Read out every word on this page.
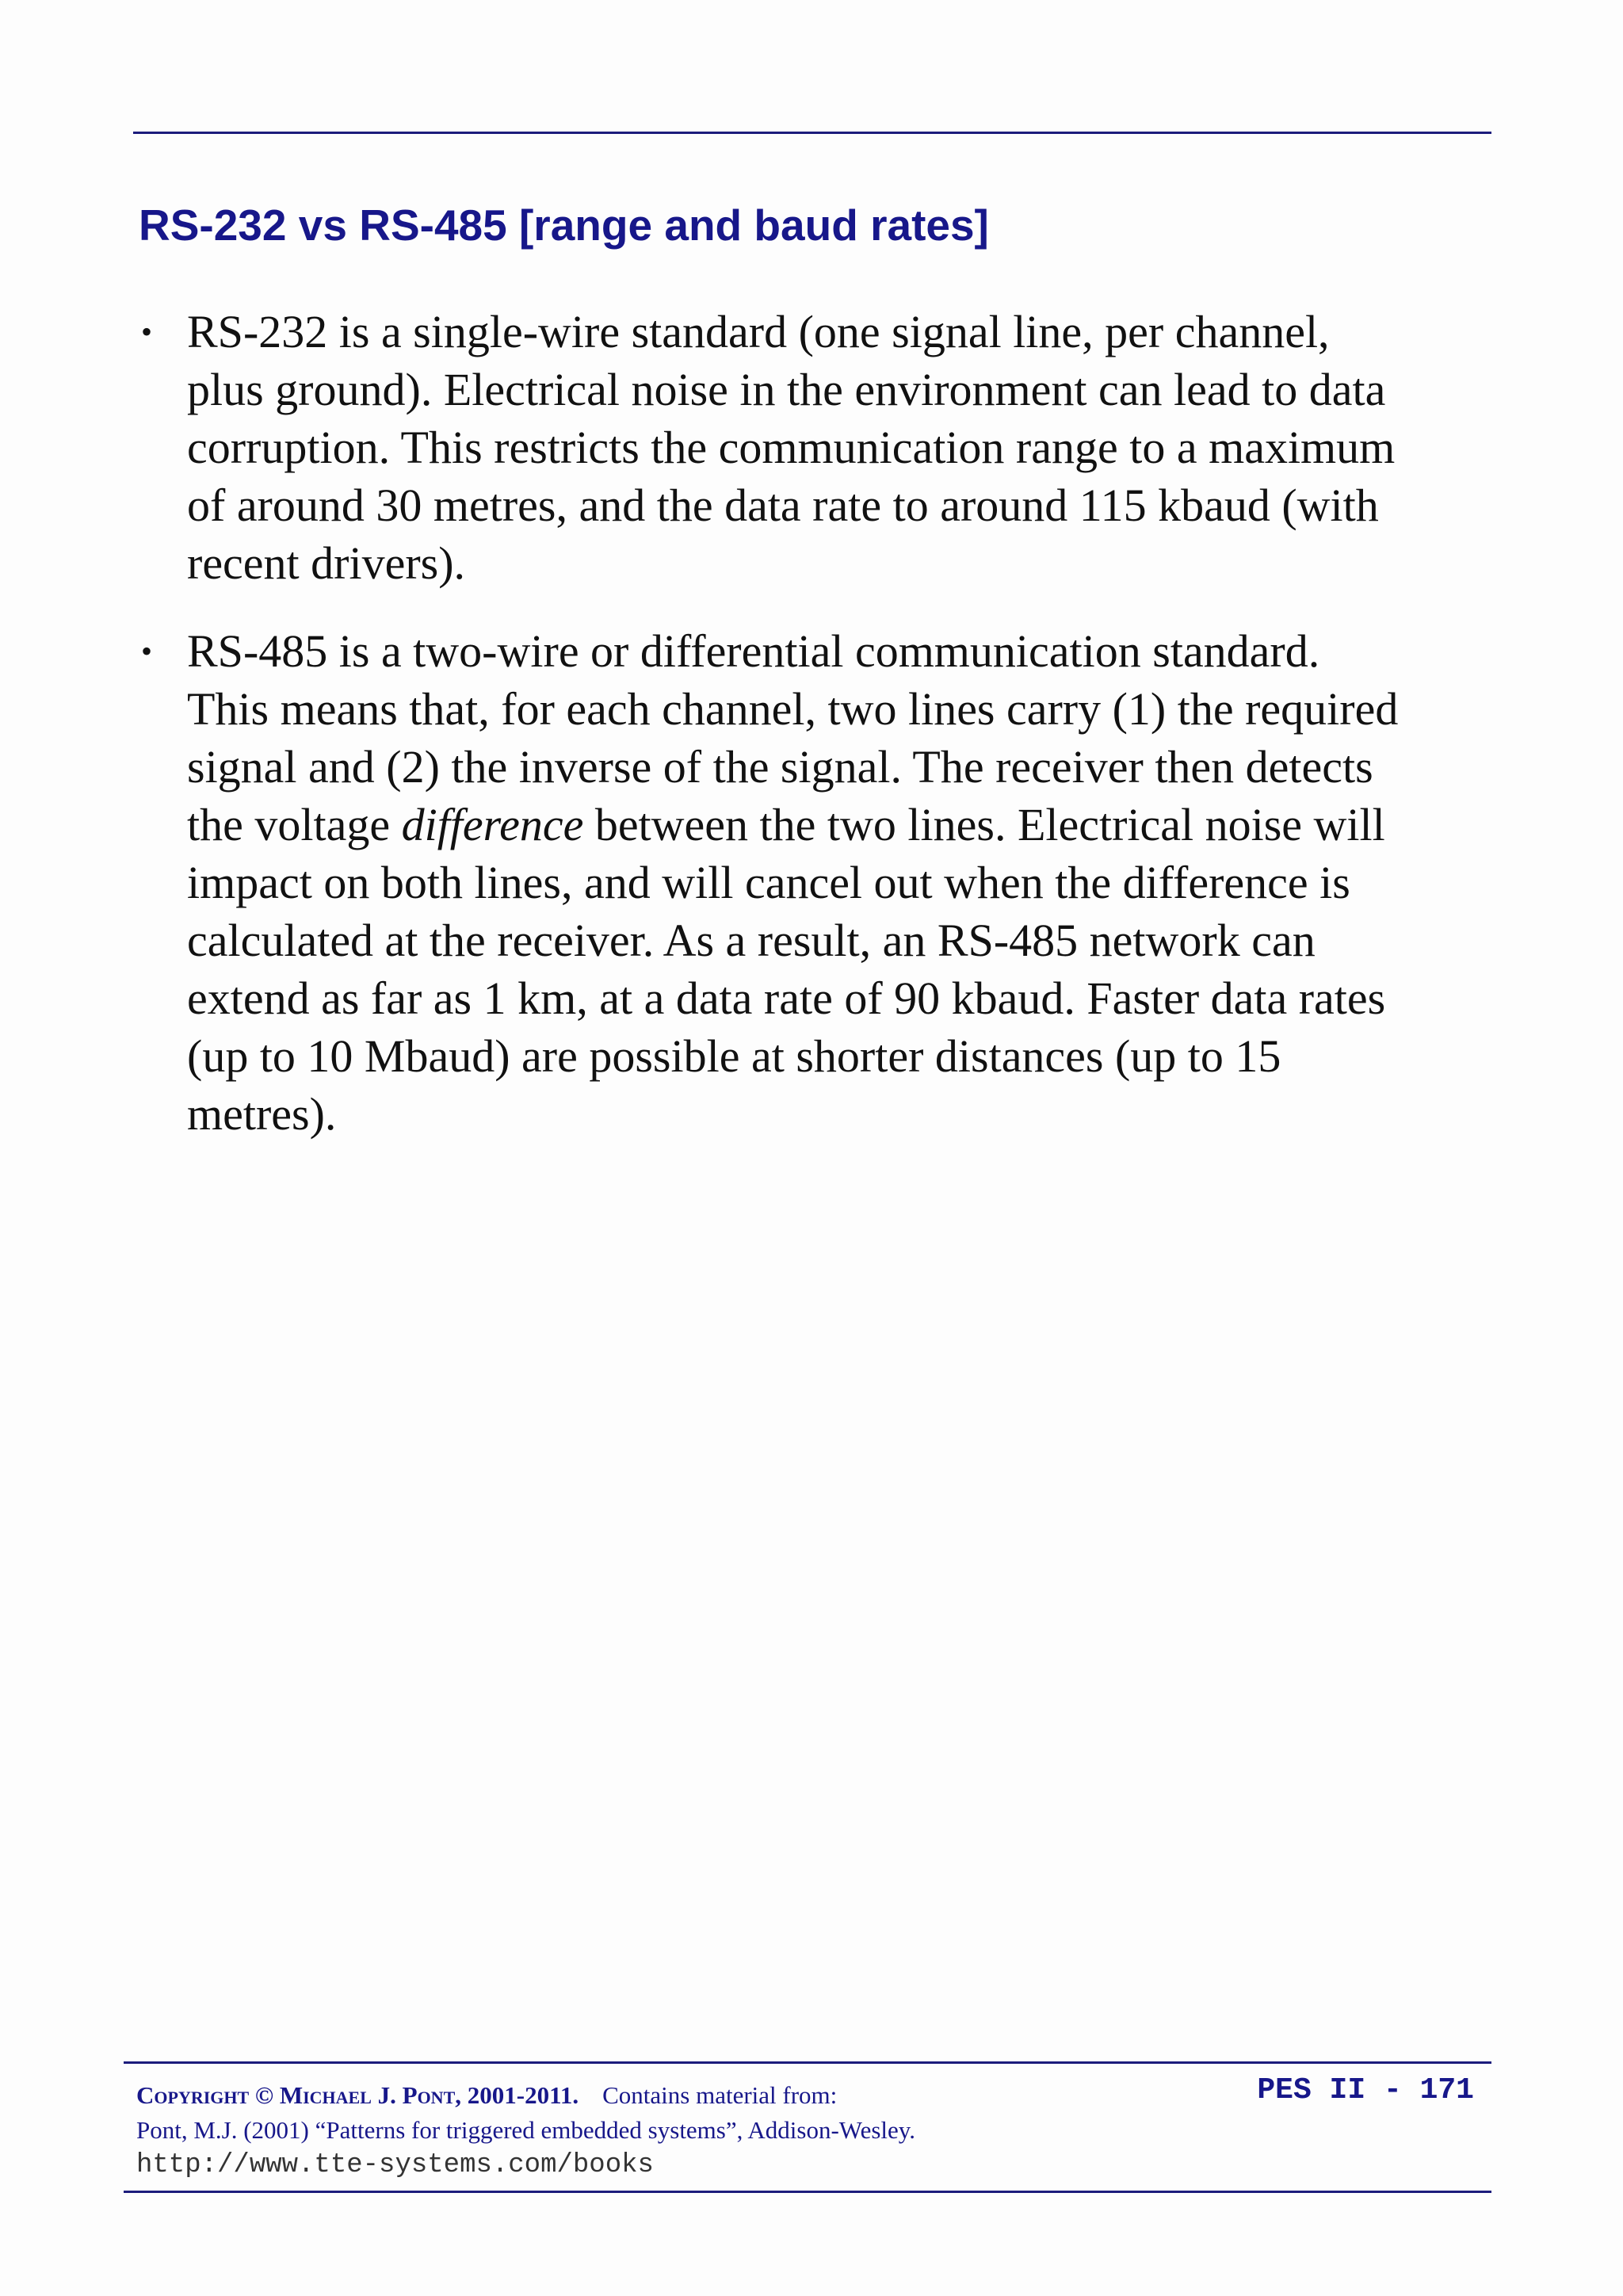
RS-232 vs RS-485 [range and baud rates]
• RS-232 is a single-wire standard (one signal line, per channel, plus ground). Electrical noise in the environment can lead to data corruption. This restricts the communication range to a maximum of around 30 metres, and the data rate to around 115 kbaud (with recent drivers).
• RS-485 is a two-wire or differential communication standard. This means that, for each channel, two lines carry (1) the required signal and (2) the inverse of the signal. The receiver then detects the voltage difference between the two lines. Electrical noise will impact on both lines, and will cancel out when the difference is calculated at the receiver. As a result, an RS-485 network can extend as far as 1 km, at a data rate of 90 kbaud. Faster data rates (up to 10 Mbaud) are possible at shorter distances (up to 15 metres).
Copyright © Michael J. Pont, 2001-2011. Contains material from:
Pont, M.J. (2001) “Patterns for triggered embedded systems”, Addison-Wesley.
http://www.tte-systems.com/books
PES II - 171
